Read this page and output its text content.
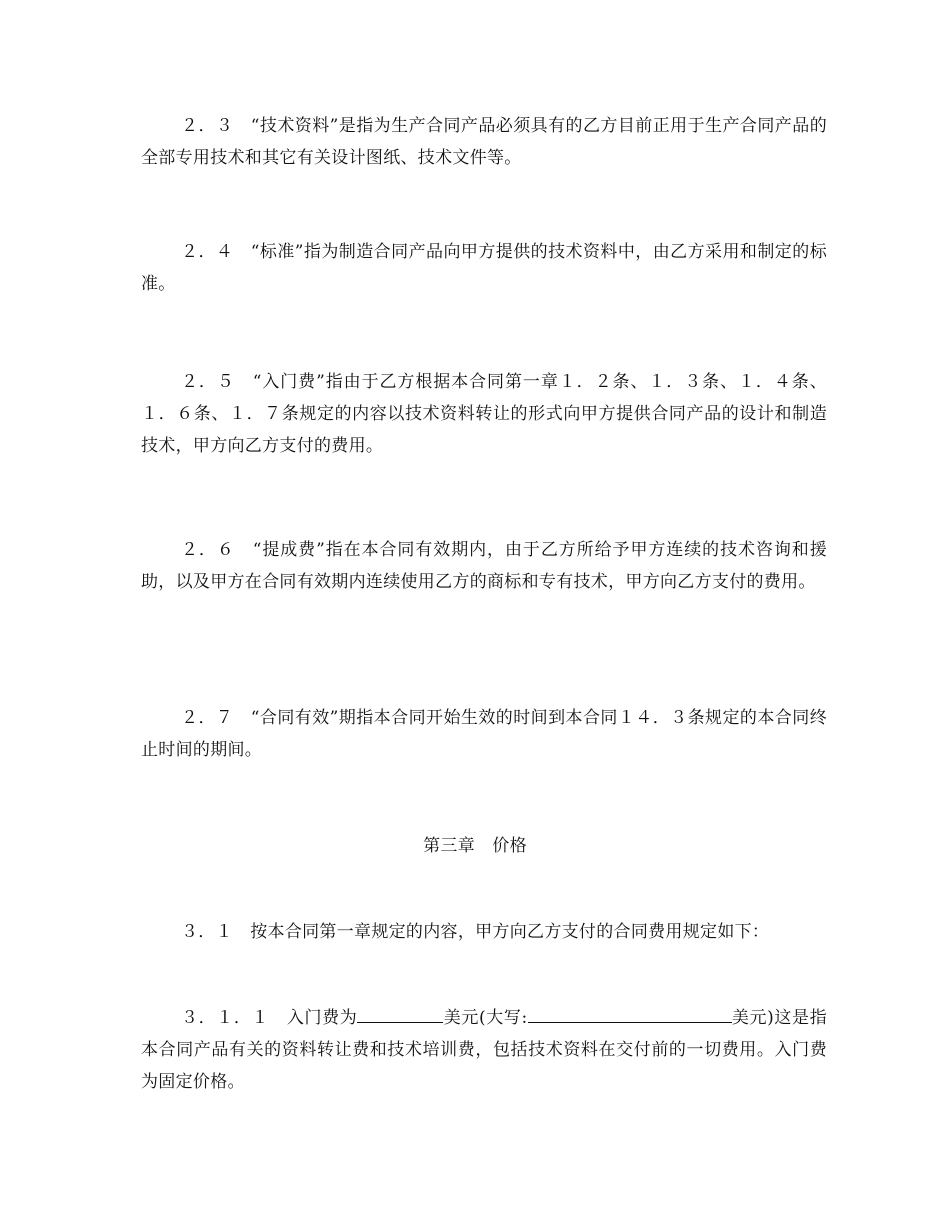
２．３　 “技术资料”是指为生产合同产品必须具有的乙方目前正用于生产合同产品的全部专用技术和其它有关设计图纸、技术文件等。

２．４　 “标准”指为制造合同产品向甲方提供的技术资料中，由乙方采用和制定的标准。

２．５　 “入门费”指由于乙方根据本合同第一章１．２条、１．３条、１．４条、１．６条、１．７条规定的内容以技术资料转让的形式向甲方提供合同产品的设计和制造技术，甲方向乙方支付的费用。

２．６　 “提成费”指在本合同有效期内，由于乙方所给予甲方连续的技术咨询和援助，以及甲方在合同有效期内连续使用乙方的商标和专有技术，甲方向乙方支付的费用。

２．７　 “合同有效”期指本合同开始生效的时间到本合同１４．３条规定的本合同终止时间的期间。

第三章　价格

３．１　 按本合同第一章规定的内容，甲方向乙方支付的合同费用规定如下：

３．１．１　 入门费为	美元(大写:	美元)这是指本合同产品有关的资料转让费和技术培训费，包括技术资料在交付前的一切费用。入门费为固定价格。
